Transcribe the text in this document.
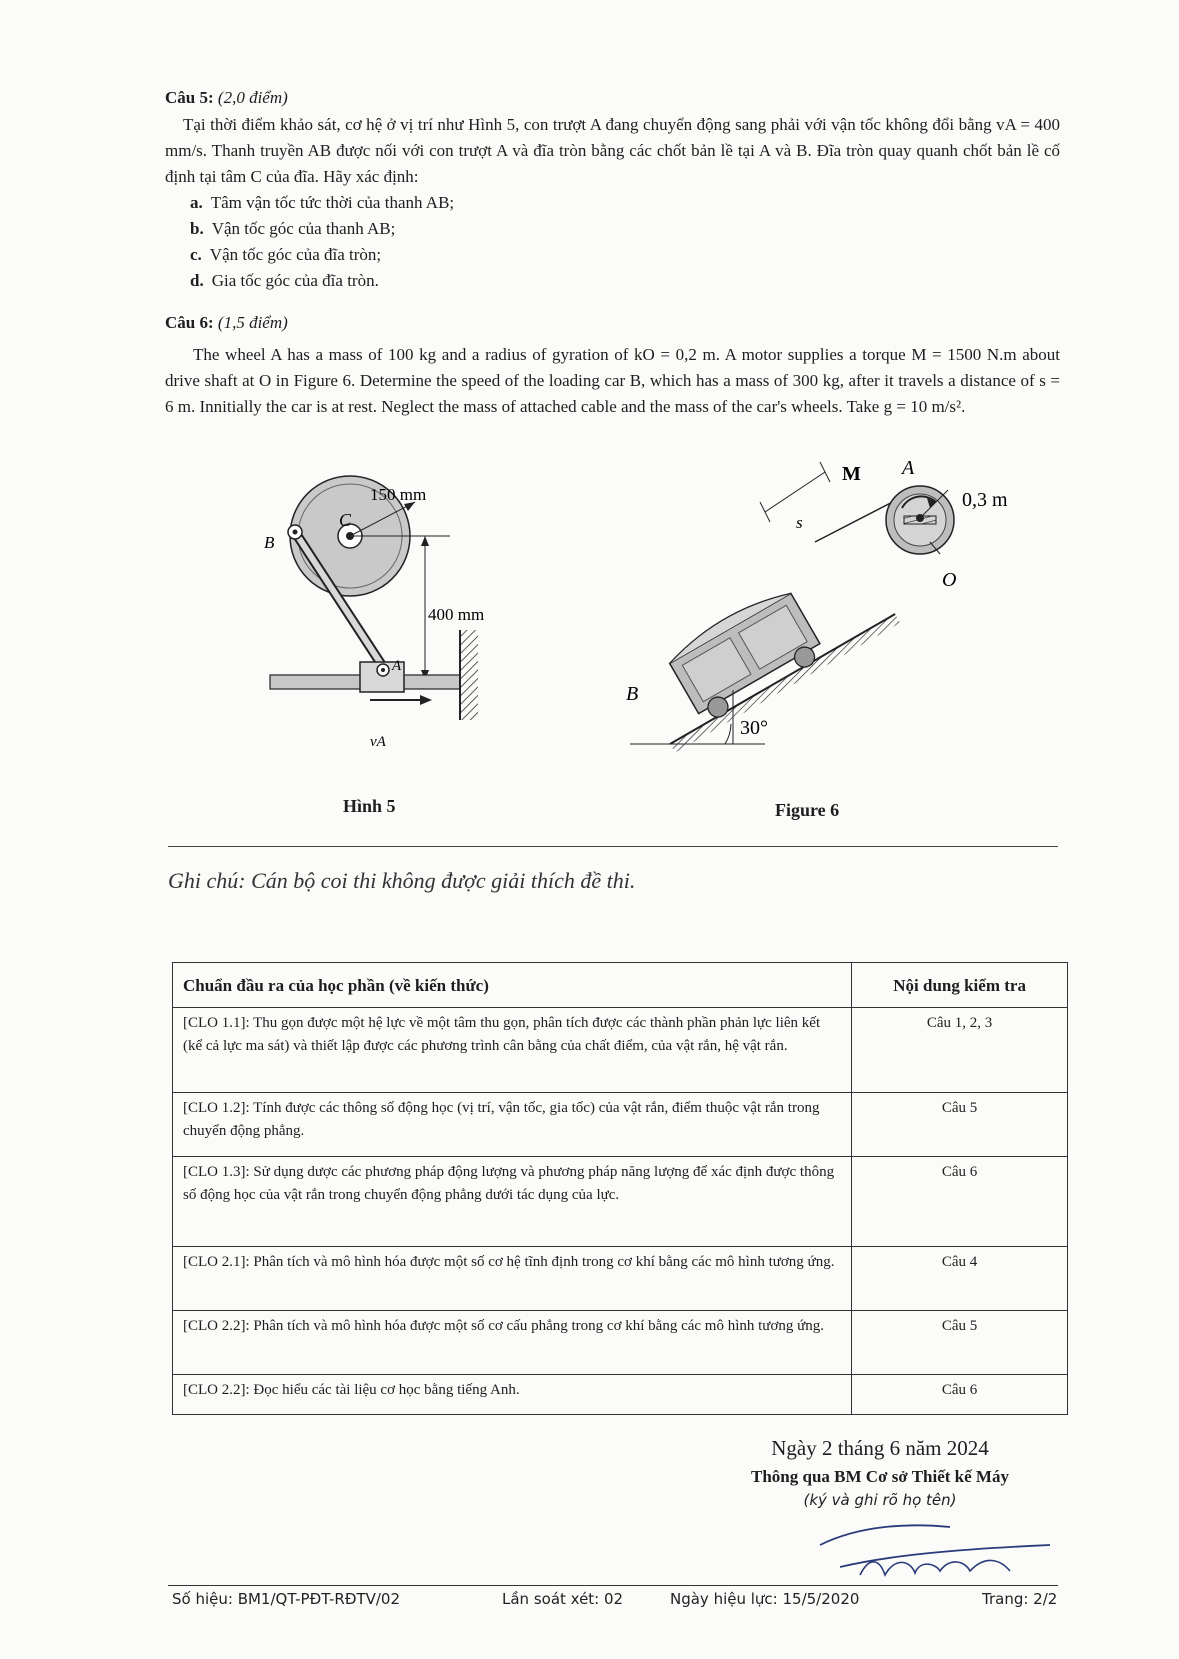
Câu 5: (2,0 điểm)
Tại thời điểm khảo sát, cơ hệ ở vị trí như Hình 5, con trượt A đang chuyển động sang phải với vận tốc không đổi bằng vA = 400 mm/s. Thanh truyền AB được nối với con trượt A và đĩa tròn bằng các chốt bản lề tại A và B. Đĩa tròn quay quanh chốt bản lề cố định tại tâm C của đĩa. Hãy xác định:
a. Tâm vận tốc tức thời của thanh AB;
b. Vận tốc góc của thanh AB;
c. Vận tốc góc của đĩa tròn;
d. Gia tốc góc của đĩa tròn.
Câu 6: (1,5 điểm)
The wheel A has a mass of 100 kg and a radius of gyration of kO = 0,2 m. A motor supplies a torque M = 1500 N.m about drive shaft at O in Figure 6. Determine the speed of the loading car B, which has a mass of 300 kg, after it travels a distance of s = 6 m. Innitially the car is at rest. Neglect the mass of attached cable and the mass of the car's wheels. Take g = 10 m/s².
150 mm
C
B
400 mm
A
vA
Hình 5
M A
0,3 m
O
s
B
30°
Figure 6
Ghi chú: Cán bộ coi thi không được giải thích đề thi.
Chuẩn đầu ra của học phần (về kiến thức)	Nội dung kiểm tra
[CLO 1.1]: Thu gọn được một hệ lực về một tâm thu gọn, phân tích được các thành phần phản lực liên kết (kể cả lực ma sát) và thiết lập được các phương trình cân bằng của chất điểm, của vật rắn, hệ vật rắn.	Câu 1, 2, 3
[CLO 1.2]: Tính được các thông số động học (vị trí, vận tốc, gia tốc) của vật rắn, điểm thuộc vật rắn trong chuyển động phẳng.	Câu 5
[CLO 1.3]: Sử dụng dược các phương pháp động lượng và phương pháp năng lượng để xác định được thông số động học của vật rắn trong chuyển động phẳng dưới tác dụng của lực.	Câu 6
[CLO 2.1]: Phân tích và mô hình hóa được một số cơ hệ tĩnh định trong cơ khí bằng các mô hình tương ứng.	Câu 4
[CLO 2.2]: Phân tích và mô hình hóa được một số cơ cấu phẳng trong cơ khí bằng các mô hình tương ứng.	Câu 5
[CLO 2.2]: Đọc hiểu các tài liệu cơ học bằng tiếng Anh.	Câu 6
Ngày 2 tháng 6 năm 2024
Thông qua BM Cơ sở Thiết kế Máy
(ký và ghi rõ họ tên)
Số hiệu: BM1/QT-PĐT-RĐTV/02	Lần soát xét: 02	Ngày hiệu lực: 15/5/2020	Trang: 2/2
